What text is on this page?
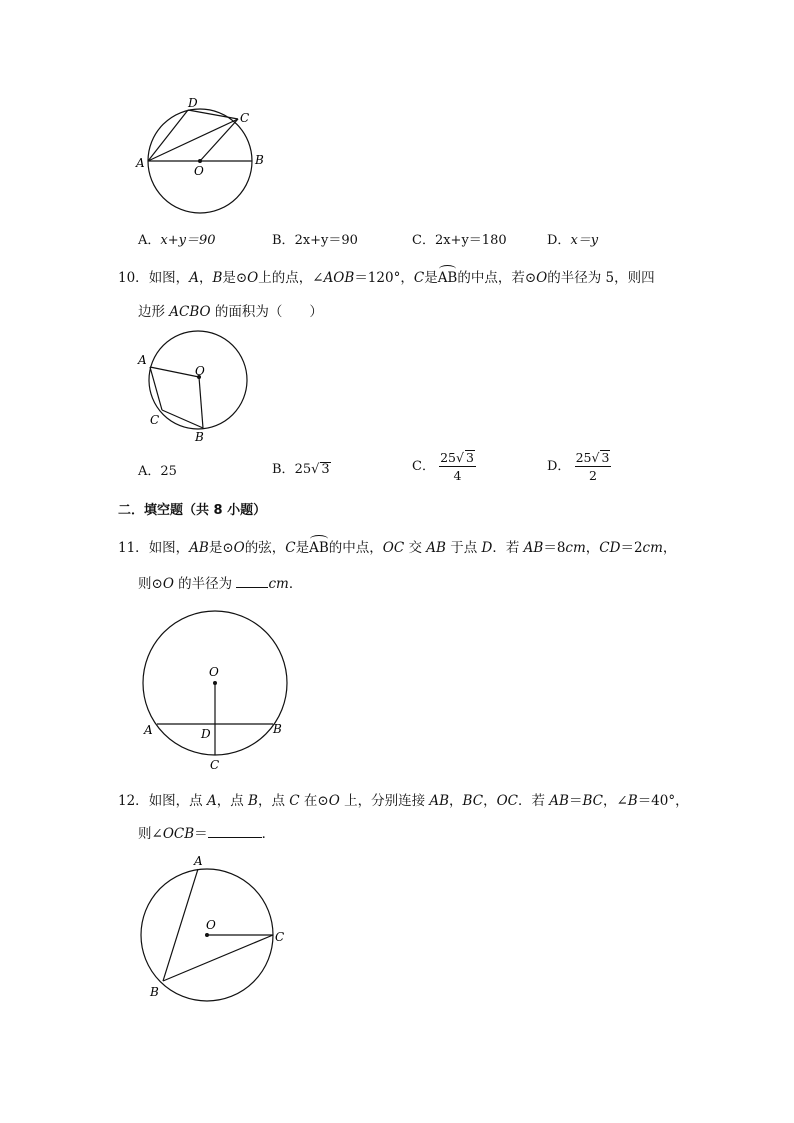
D
C
A	B
O
A．x+y＝90	B．2x+y＝90	C．2x+y＝180	D．x＝y
10．如图，A，B是⊙O上的点，∠AOB＝120°，C是AB的中点，若⊙O的半径为 5，则四
边形 ACBO 的面积为（　　）
A
O
C
B
A．25	B．25√ 3	C． $\frac{25√ 3}{4}$	D． $\frac{25√ 3}{2}$
二．填空题（共 8 小题）
11．如图，AB是⊙O的弦，C是AB的中点，OC 交 AB 于点 D．若 AB＝8cm，CD＝2cm，
则⊙O 的半径为	cm．
O
A	D	B
C
12．如图，点 A，点 B，点 C 在⊙O 上，分别连接 AB，BC，OC．若 AB＝BC，∠B＝40°，
则∠OCB＝	．
A
O
C
B
